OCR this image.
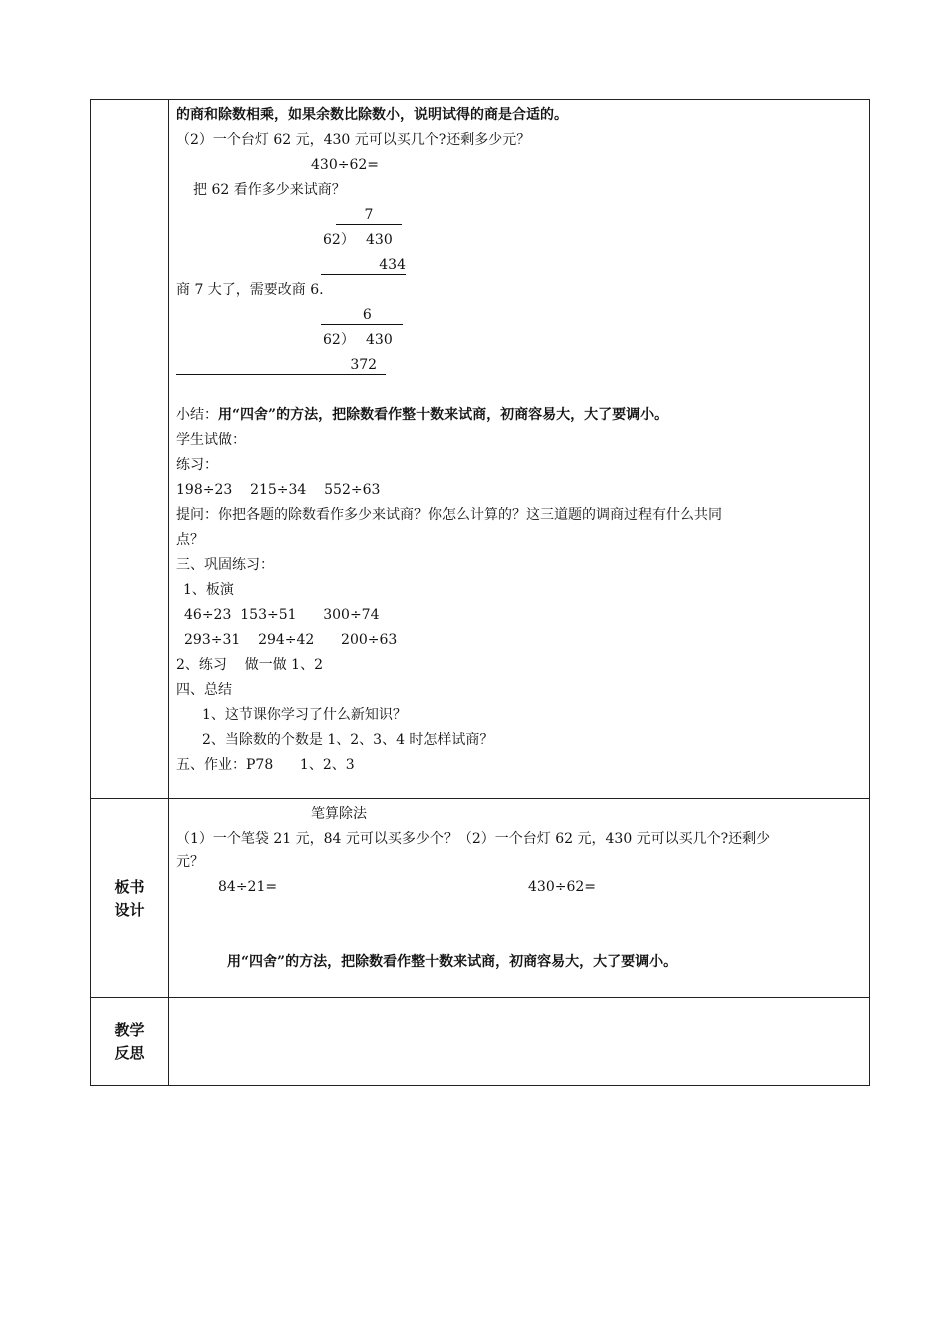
的商和除数相乘，如果余数比除数小，说明试得的商是合适的。
（2）一个台灯 62 元，430 元可以买几个?还剩多少元？
430÷62=
把 62 看作多少来试商？
7
62） 430
434
商 7 大了，需要改商 6.
6
62） 430
372
小结：用“四舍”的方法，把除数看作整十数来试商，初商容易大，大了要调小。
学生试做：
练习：
198÷23    215÷34    552÷63
提问：你把各题的除数看作多少来试商？你怎么计算的？这三道题的调商过程有什么共同
点？
三、巩固练习：
1、板演
46÷23  153÷51      300÷74
293÷31    294÷42      200÷63
2、练习    做一做 1、2
四、总结
1、这节课你学习了什么新知识？
2、当除数的个数是 1、2、3、4 时怎样试商？
五、作业：P78      1、2、3
板书
设计
笔算除法
（1）一个笔袋 21 元，84 元可以买多少个？（2）一个台灯 62 元，430 元可以买几个?还剩少
元？
84÷21=	430÷62=
用“四舍”的方法，把除数看作整十数来试商，初商容易大，大了要调小。
教学
反思
